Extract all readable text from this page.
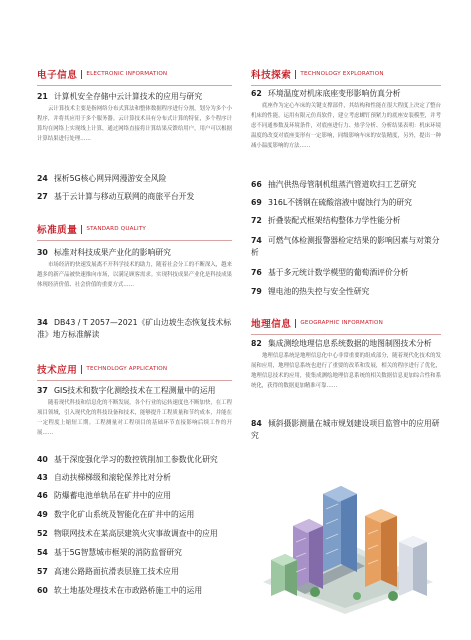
电子信息 ELECTRONIC INFORMATION
21 计算机安全存储中云计算技术的应用与研究

云计算技术主要是指网络分布式算法和整体数据程序进行分割，划分为多个小程序，并将其应用于多个服务器。云计算技术具有分布式计算的特征，多个程序计算均在网络上实现线上计算，通过网络直接将计算结果反馈给用户，用户可以根据计算结果进行处理……

24 探析5G核心网异网漫游安全风险
27 基于云计算与移动互联网的商旅平台开发
标准质量 STANDARD QUALITY
30 标准对科技成果产业化的影响研究

市场经济的快速发展离不开科学技术的助力，随着社会分工的不断深入，越来越多的新产品被快速推向市场，以满足顾客需求。实现科技成果产业化是科技成果体现经济价值、社会价值的重要方式……

34 DB43 / T 2057—2021《矿山边坡生态恢复技术标准》地方标准解读
技术应用 TECHNOLOGY APPLICATION
37 GIS技术和数字化测绘技术在工程测量中的运用

随着现代科技和信息化的不断发展，各个行业的运转速度也不断加快，在工程项目领域，引入现代化的科技设备和技术，能够提升工程质量和节约成本，并能在一定程度上缩短工期。工程测量对工程项目的基础环节直接影响后续工作的开展……

40 基于深度强化学习的数控铣削加工参数优化研究
43 自动扶梯梯级和滚轮保养比对分析
46 防爆蓄电池单轨吊在矿井中的应用
49 数字化矿山系统及智能化在矿井中的运用
52 物联网技术在某高层建筑火灾事故调查中的应用
54 基于5G智慧城市框架的消防监督研究
57 高速公路路面抗滑表层施工技术应用
60 软土地基处理技术在市政路桥施工中的运用
科技探索 TECHNOLOGY EXPLORATION
62 环境温度对机床底座变形影响仿真分析

底座作为定心车床的关键支撑部件，其结构和性能在很大程度上决定了整台机床的性能。运用有限元仿真软件，建立考虑螺钉预紧力的底座安装模型，并考虑不同通参数及环境条件，对底座进行力、热学分析、分析结果表明：机床环境温度的改变对底座变形有一定影响，同级影响车床的安装精度，另外，提出一种减小温度影响的方法……

66 抽汽供热母管制机组蒸汽管道吹扫工艺研究
69 316L不锈钢在硫酸溶液中腐蚀行为的研究
72 折叠装配式框架结构整体力学性能分析
74 可燃气体检测报警器检定结果的影响因素与对策分析
76 基于多元统计数学模型的葡萄酒评价分析
79 锂电池的热失控与安全性研究
地理信息 GEOGRAPHIC INFORMATION
82 集成测绘地理信息系统数据的地图制图技术分析

地理信息系统是地理信息化中心非常重要的组成部分，随着现代化技术的发展和应用，地理信息系统也进行了重要的改革和发展，相关的程序进行了优化，地理信息技术的应用，使集成测绘地理信息系统的相关数据信息更加综合性和系统化，获得的数据更加精准可靠……

84 倾斜摄影测量在城市规划建设项目监管中的应用研究
